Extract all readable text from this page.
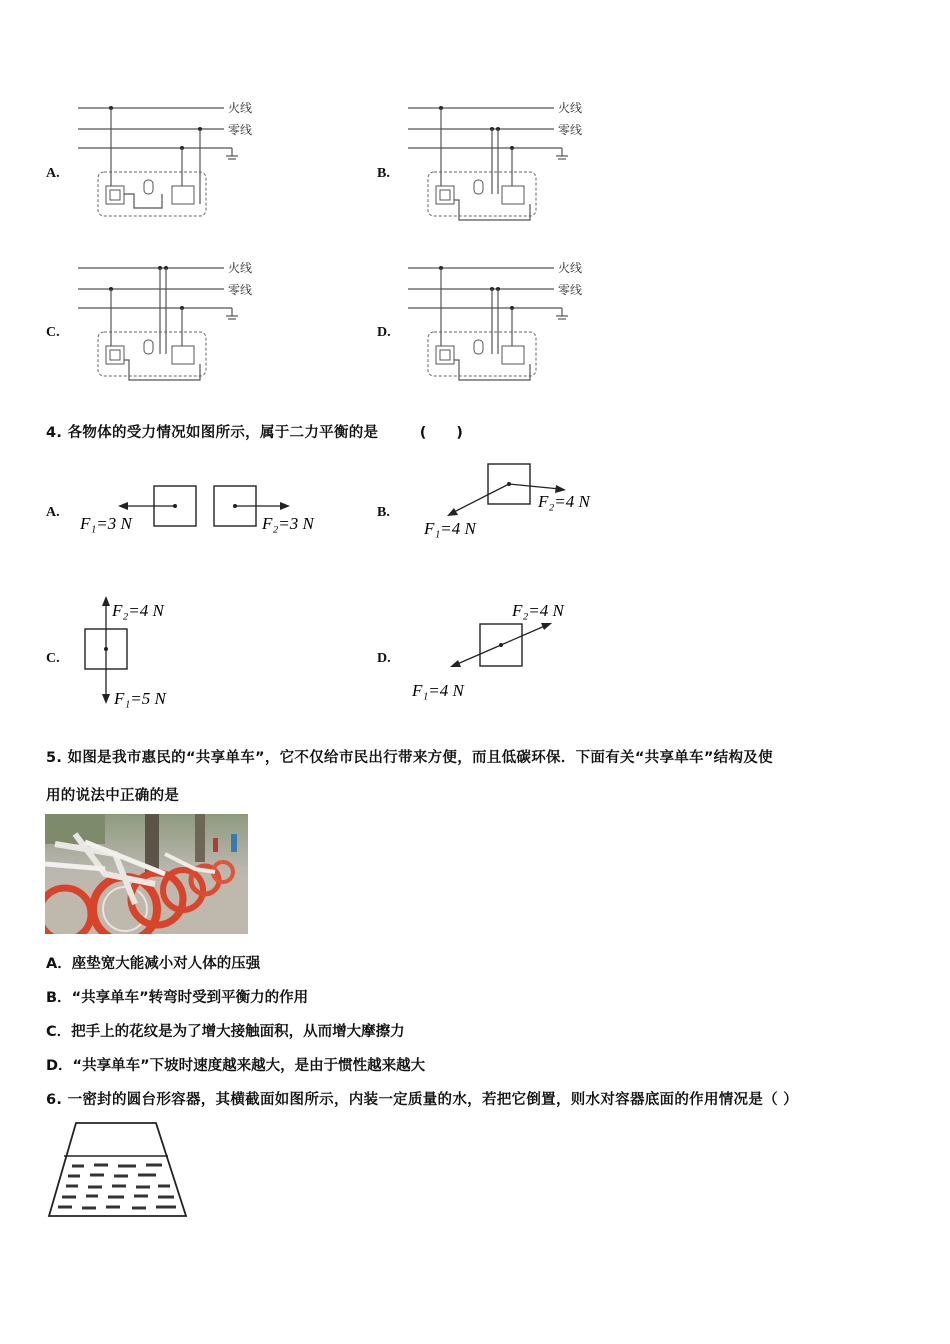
A.	B.
C.	D.
火线
零线
火线
零线
火线
零线
火线
零线
4. 各物体的受力情况如图所示，属于二力平衡的是	(　　)
A.	B.
C.	D.
F₁=3 N	F₂=3 N
F₂=4 N
F₁=4 N
F₂=4 N
F₁=5 N
F₂=4 N
F₁=4 N
5. 如图是我市惠民的“共享单车”，它不仅给市民出行带来方便，而且低碳环保．下面有关“共享单车”结构及使
用的说法中正确的是
A．座垫宽大能减小对人体的压强
B．“共享单车”转弯时受到平衡力的作用
C．把手上的花纹是为了增大接触面积，从而增大摩擦力
D．“共享单车”下坡时速度越来越大，是由于惯性越来越大
6. 一密封的圆台形容器，其横截面如图所示，内装一定质量的水，若把它倒置，则水对容器底面的作用情况是（ ）
